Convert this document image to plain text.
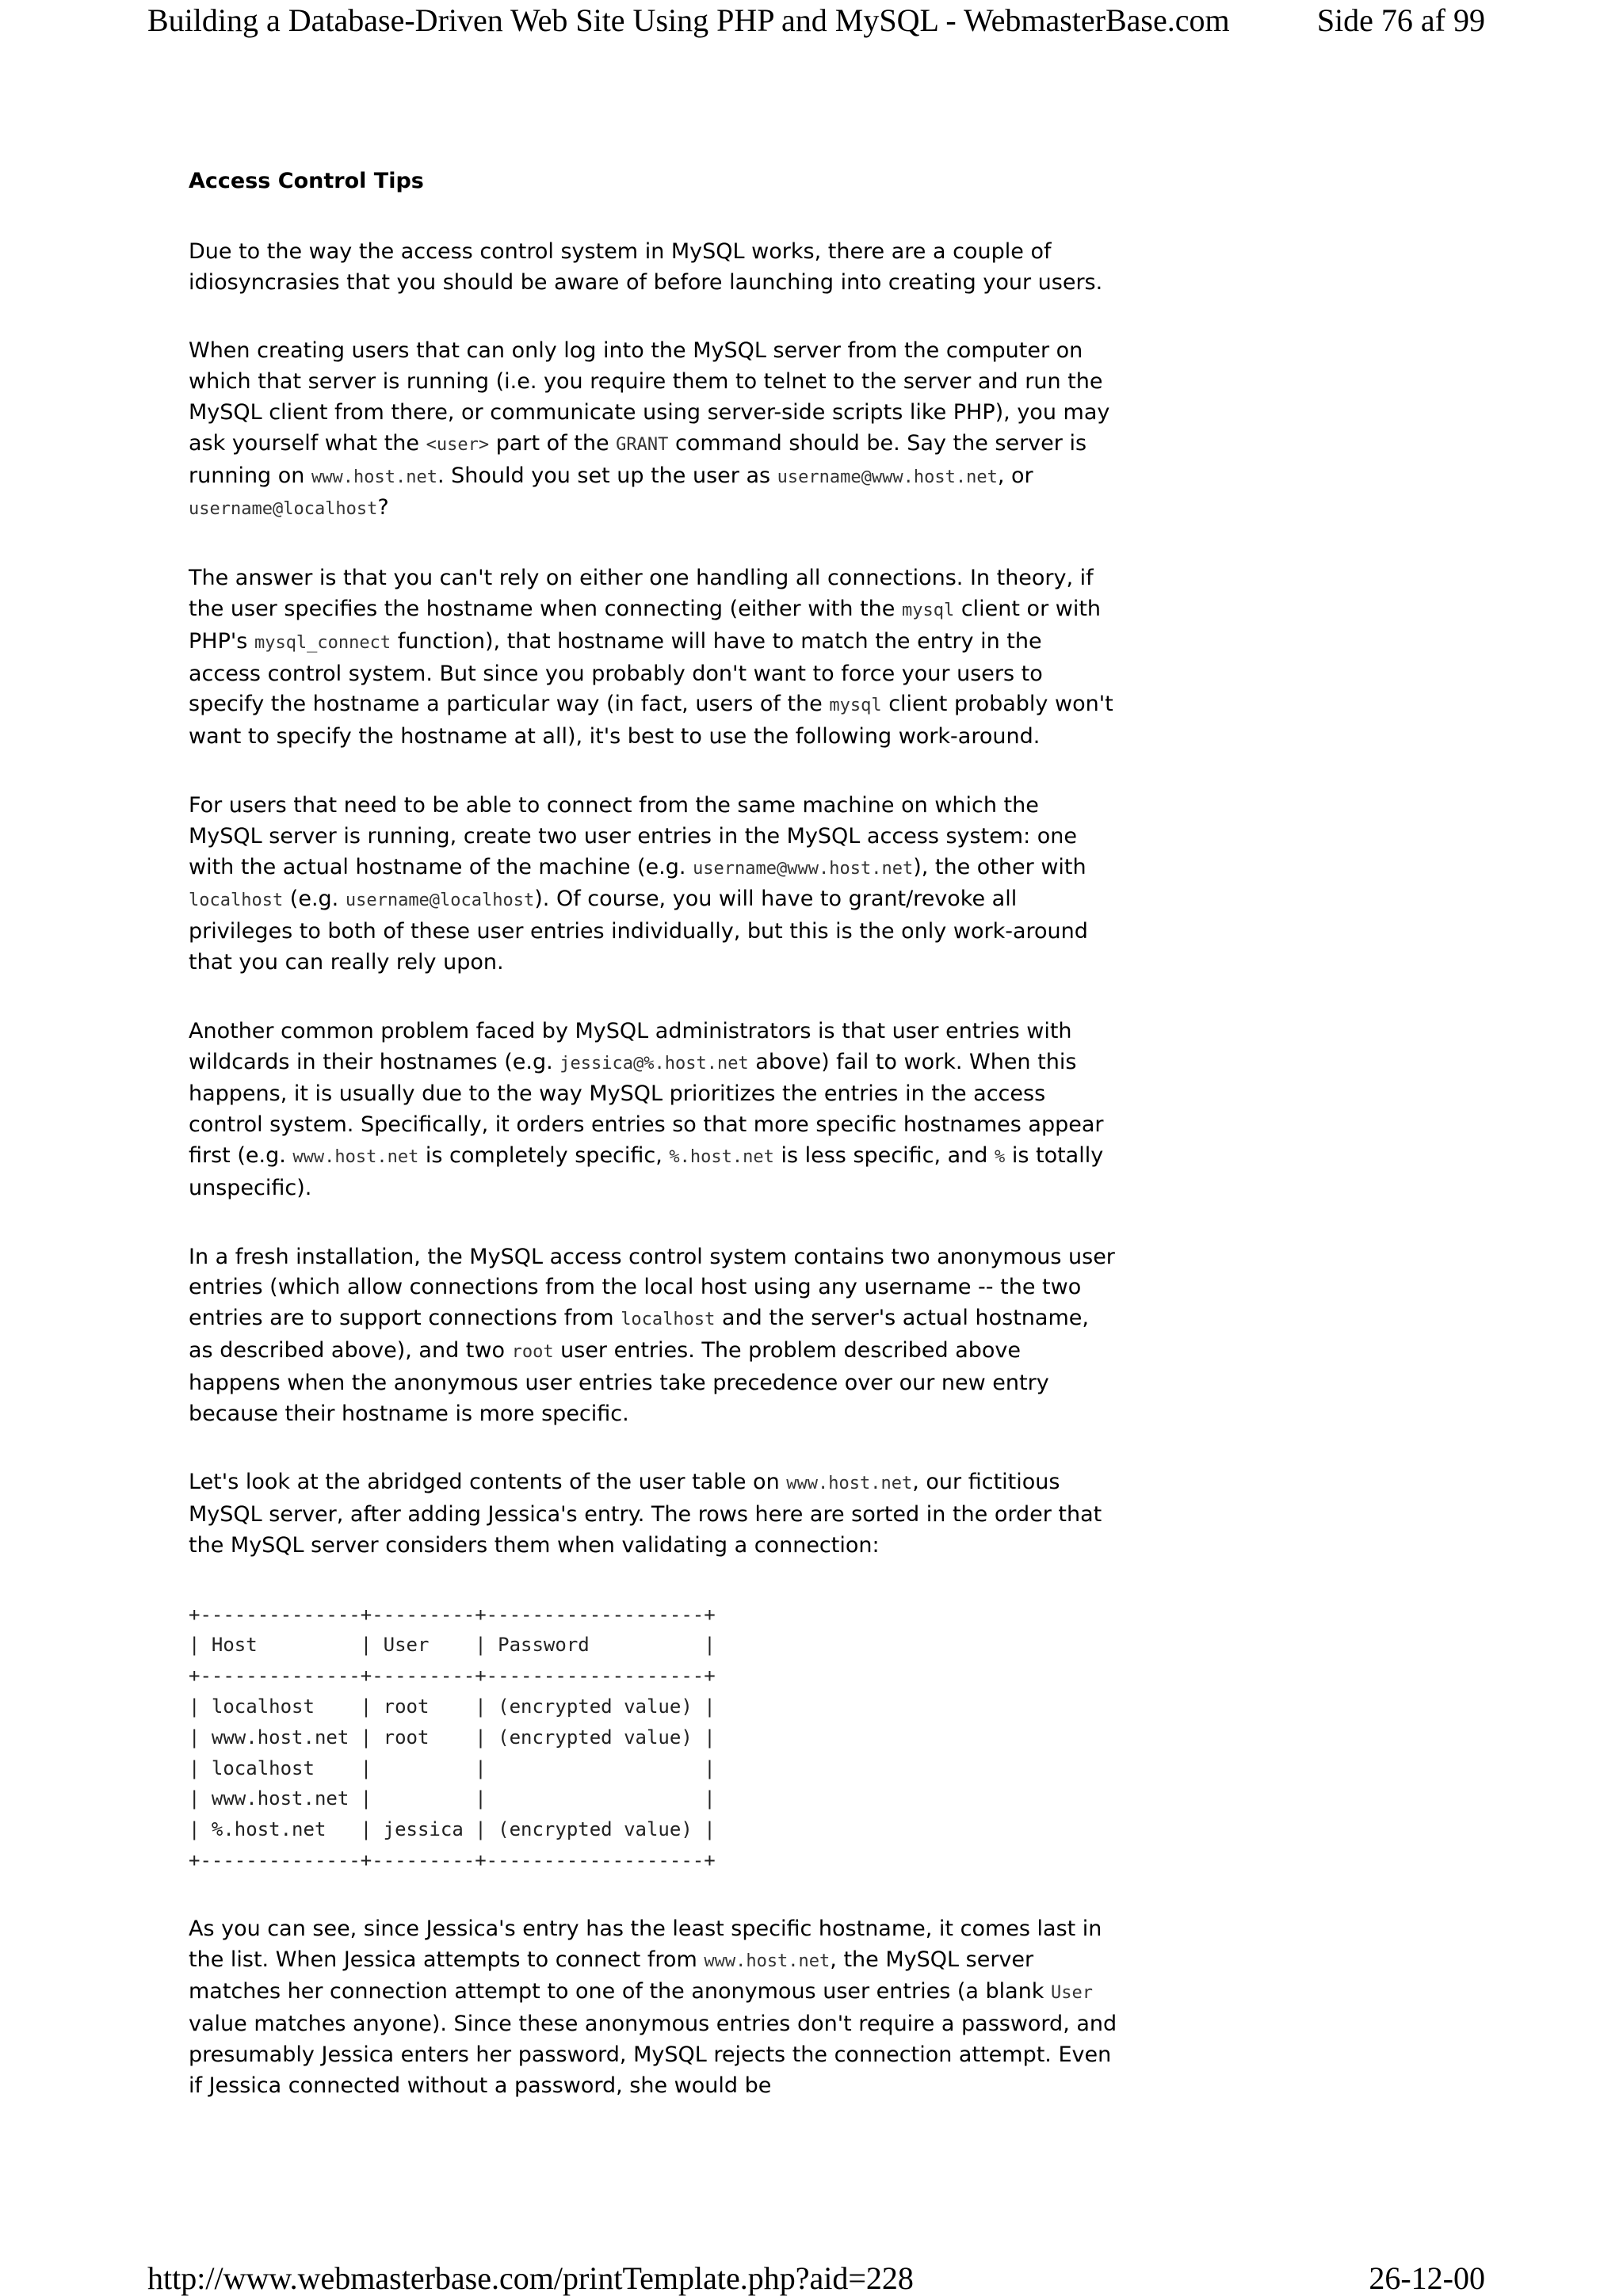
Building a Database-Driven Web Site Using PHP and MySQL - WebmasterBase.com	Side 76 af 99
Access Control Tips

Due to the way the access control system in MySQL works, there are a couple of idiosyncrasies that you should be aware of before launching into creating your users.

When creating users that can only log into the MySQL server from the computer on which that server is running (i.e. you require them to telnet to the server and run the MySQL client from there, or communicate using server-side scripts like PHP), you may ask yourself what the <user> part of the GRANT command should be. Say the server is running on www.host.net. Should you set up the user as username@www.host.net, or username@localhost?

The answer is that you can't rely on either one handling all connections. In theory, if the user specifies the hostname when connecting (either with the mysql client or with PHP's mysql_connect function), that hostname will have to match the entry in the access control system. But since you probably don't want to force your users to specify the hostname a particular way (in fact, users of the mysql client probably won't want to specify the hostname at all), it's best to use the following work-around.

For users that need to be able to connect from the same machine on which the MySQL server is running, create two user entries in the MySQL access system: one with the actual hostname of the machine (e.g. username@www.host.net), the other with localhost (e.g. username@localhost). Of course, you will have to grant/revoke all privileges to both of these user entries individually, but this is the only work-around that you can really rely upon.

Another common problem faced by MySQL administrators is that user entries with wildcards in their hostnames (e.g. jessica@%.host.net above) fail to work. When this happens, it is usually due to the way MySQL prioritizes the entries in the access control system. Specifically, it orders entries so that more specific hostnames appear first (e.g. www.host.net is completely specific, %.host.net is less specific, and % is totally unspecific).

In a fresh installation, the MySQL access control system contains two anonymous user entries (which allow connections from the local host using any username -- the two entries are to support connections from localhost and the server's actual hostname, as described above), and two root user entries. The problem described above happens when the anonymous user entries take precedence over our new entry because their hostname is more specific.

Let's look at the abridged contents of the user table on www.host.net, our fictitious MySQL server, after adding Jessica's entry. The rows here are sorted in the order that the MySQL server considers them when validating a connection:

+--------------+---------+-------------------+
| Host         | User    | Password          |
+--------------+---------+-------------------+
| localhost    | root    | (encrypted value) |
| www.host.net | root    | (encrypted value) |
| localhost    |         |                   |
| www.host.net |         |                   |
| %.host.net   | jessica | (encrypted value) |
+--------------+---------+-------------------+

As you can see, since Jessica's entry has the least specific hostname, it comes last in the list. When Jessica attempts to connect from www.host.net, the MySQL server matches her connection attempt to one of the anonymous user entries (a blank User value matches anyone). Since these anonymous entries don't require a password, and presumably Jessica enters her password, MySQL rejects the connection attempt. Even if Jessica connected without a password, she would be

http://www.webmasterbase.com/printTemplate.php?aid=228	26-12-00
